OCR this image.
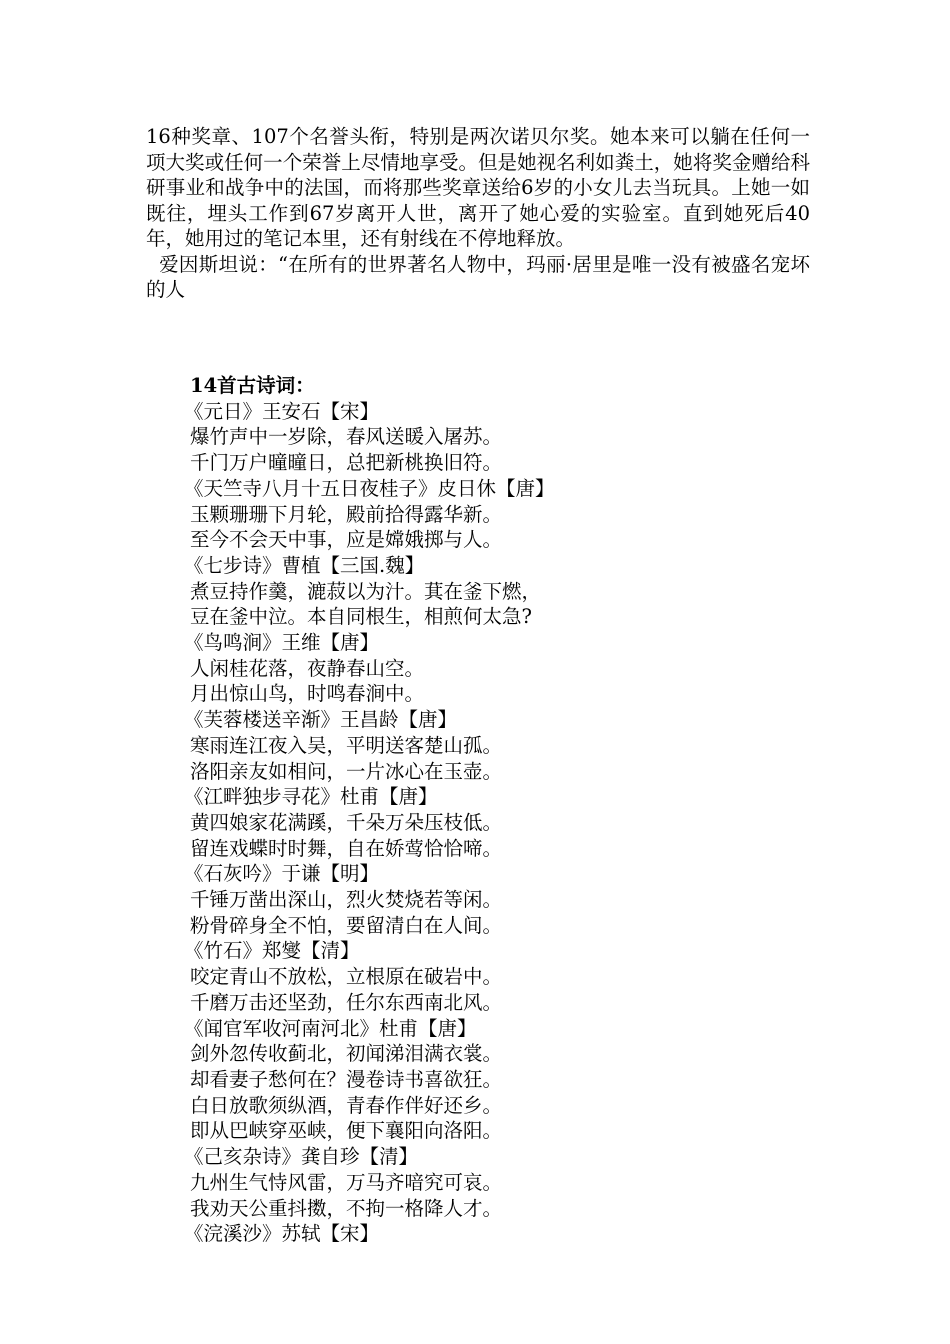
16种奖章、107个名誉头衔，特别是两次诺贝尔奖。她本来可以躺在任何一项大奖或任何一个荣誉上尽情地享受。但是她视名利如粪土，她将奖金赠给科研事业和战争中的法国，而将那些奖章送给6岁的小女儿去当玩具。上她一如既往，埋头工作到67岁离开人世，离开了她心爱的实验室。直到她死后40年，她用过的笔记本里，还有射线在不停地释放。

爱因斯坦说：“在所有的世界著名人物中，玛丽·居里是唯一没有被盛名宠坏的人

14首古诗词：

《元日》王安石【宋】

爆竹声中一岁除，春风送暖入屠苏。

千门万户曈曈日，总把新桃换旧符。

《天竺寺八月十五日夜桂子》皮日休【唐】

玉颗珊珊下月轮，殿前拾得露华新。

至今不会天中事，应是嫦娥掷与人。

《七步诗》曹植【三国.魏】

煮豆持作羹，漉菽以为汁。萁在釜下燃，

豆在釜中泣。本自同根生，相煎何太急?

《鸟鸣涧》王维【唐】

人闲桂花落，夜静春山空。

月出惊山鸟，时鸣春涧中。

《芙蓉楼送辛渐》王昌龄【唐】

寒雨连江夜入吴，平明送客楚山孤。

洛阳亲友如相问，一片冰心在玉壶。

《江畔独步寻花》杜甫【唐】

黄四娘家花满蹊，千朵万朵压枝低。

留连戏蝶时时舞，自在娇莺恰恰啼。

《石灰吟》于谦【明】

千锤万凿出深山，烈火焚烧若等闲。

粉骨碎身全不怕，要留清白在人间。

《竹石》郑燮【清】

咬定青山不放松，立根原在破岩中。

千磨万击还坚劲，任尔东西南北风。

《闻官军收河南河北》杜甫【唐】

剑外忽传收蓟北，初闻涕泪满衣裳。

却看妻子愁何在？漫卷诗书喜欲狂。

白日放歌须纵酒，青春作伴好还乡。

即从巴峡穿巫峡，便下襄阳向洛阳。

《己亥杂诗》龚自珍【清】

九州生气恃风雷，万马齐喑究可哀。

我劝天公重抖擞，不拘一格降人才。

《浣溪沙》苏轼【宋】
